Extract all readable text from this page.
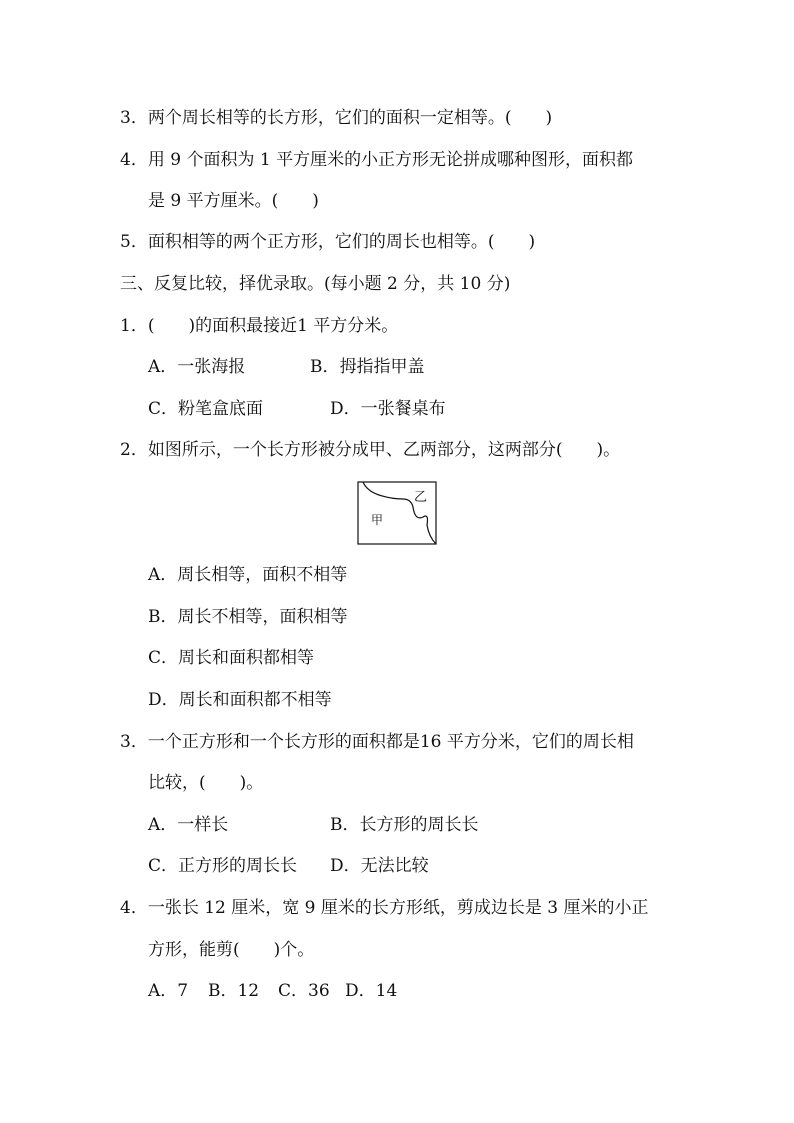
3．两个周长相等的长方形，它们的面积一定相等。(　　)
4．用 9 个面积为 1 平方厘米的小正方形无论拼成哪种图形，面积都
是 9 平方厘米。(　　)
5．面积相等的两个正方形，它们的周长也相等。(　　)
三、反复比较，择优录取。(每小题 2 分，共 10 分)
1．(　　)的面积最接近1 平方分米。
A．一张海报	B．拇指指甲盖
C．粉笔盒底面	D．一张餐桌布
2．如图所示，一个长方形被分成甲、乙两部分，这两部分(　　)。
乙
甲
A．周长相等，面积不相等
B．周长不相等，面积相等
C．周长和面积都相等
D．周长和面积都不相等
3．一个正方形和一个长方形的面积都是16 平方分米，它们的周长相
比较，(　　)。
A．一样长	B．长方形的周长长
C．正方形的周长长 D．无法比较
4．一张长 12 厘米，宽 9 厘米的长方形纸，剪成边长是 3 厘米的小正
方形，能剪(　　)个。
A．7 B．12 C．36 D．14
